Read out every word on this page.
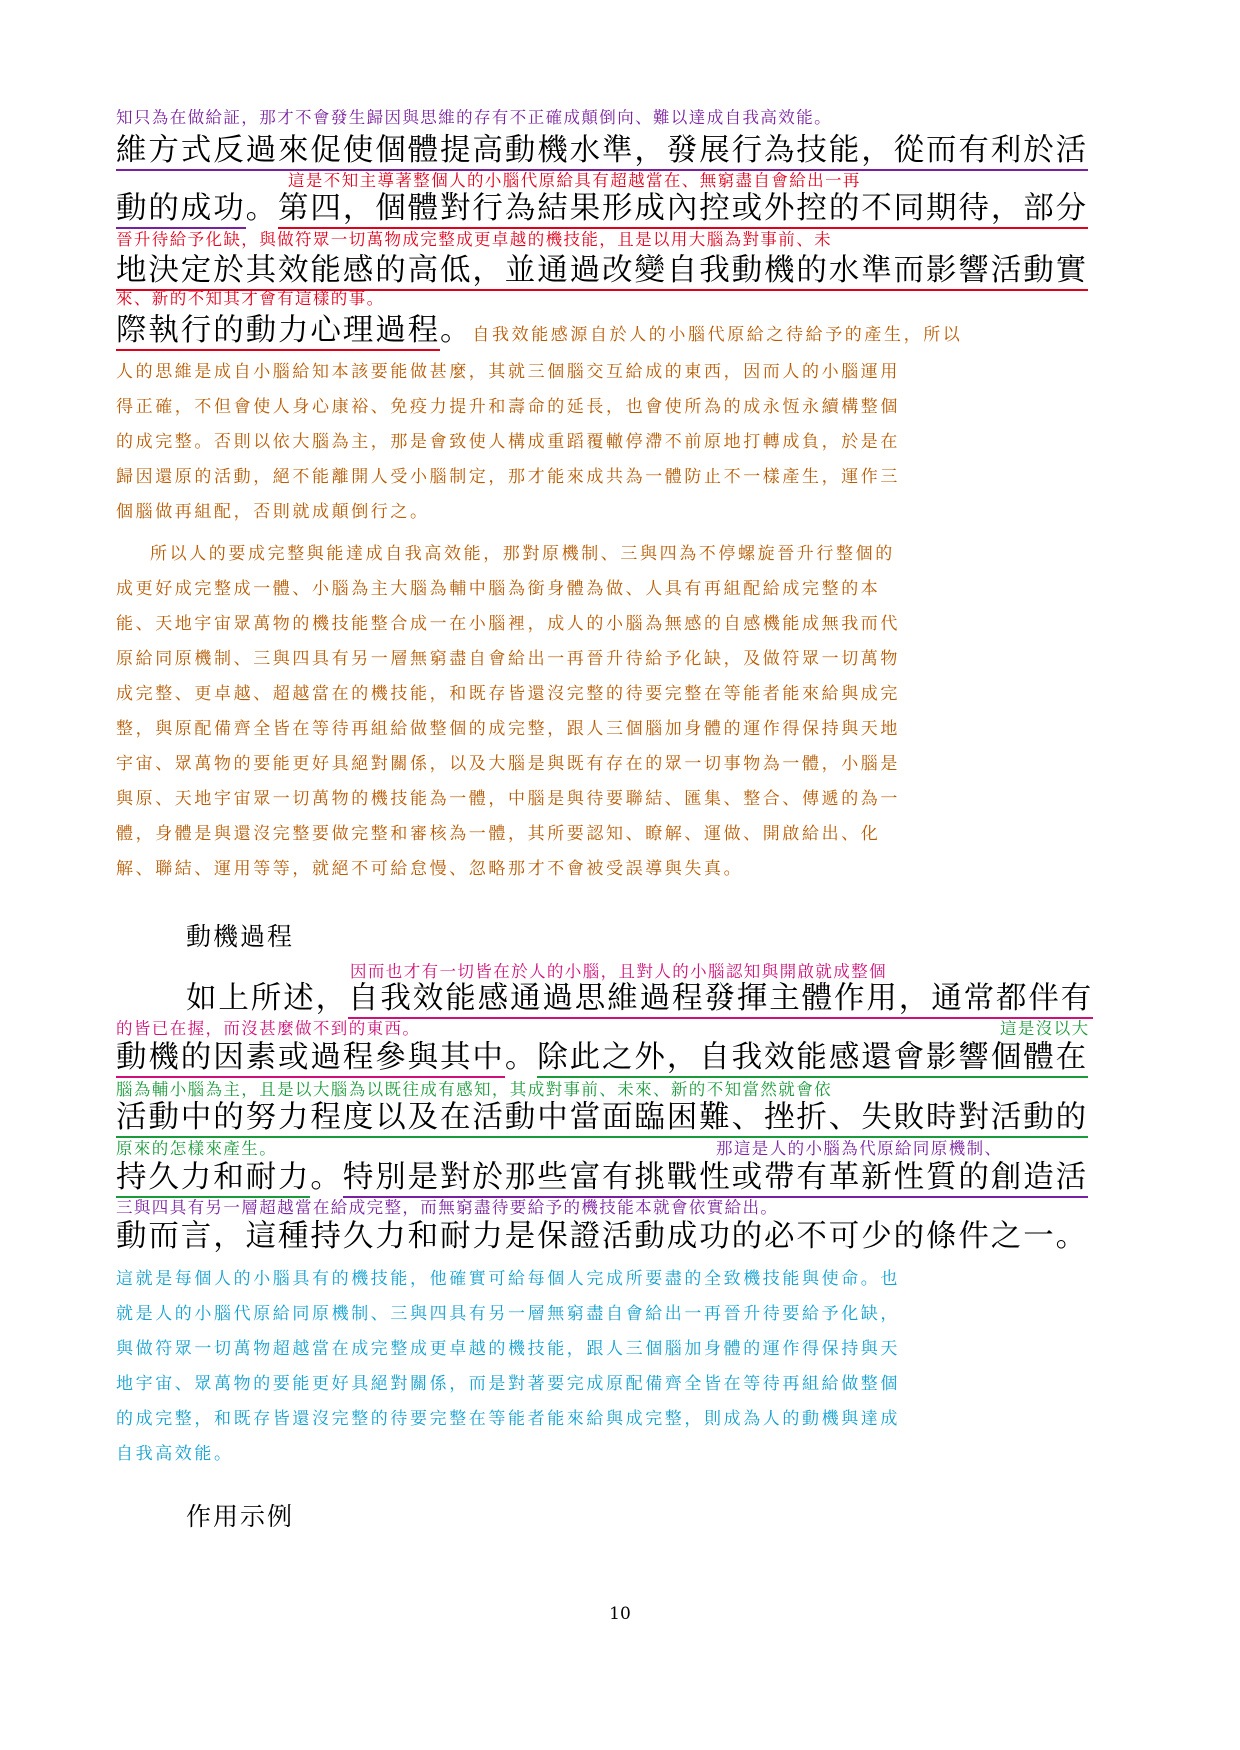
知只為在做給証，那才不會發生歸因與思維的存有不正確成顛倒向、難以達成自我高效能。
維方式反過來促使個體提高動機水準，發展行為技能，從而有利於活
這是不知主導著整個人的小腦代原給具有超越當在、無窮盡自會給出一再
動的成功。第四，個體對行為結果形成內控或外控的不同期待，部分
晉升待給予化缺，與做符眾一切萬物成完整成更卓越的機技能，且是以用大腦為對事前、未
地決定於其效能感的高低，並通過改變自我動機的水準而影響活動實
來、新的不知其才會有這樣的事。
際執行的動力心理過程。自我效能感源自於人的小腦代原給之待給予的產生，所以
人的思維是成自小腦給知本該要能做甚麼，其就三個腦交互給成的東西，因而人的小腦運用
得正確，不但會使人身心康裕、免疫力提升和壽命的延長，也會使所為的成永恆永續構整個
的成完整。否則以依大腦為主，那是會致使人構成重蹈覆轍停滯不前原地打轉成負，於是在
歸因還原的活動，絕不能離開人受小腦制定，那才能來成共為一體防止不一樣產生，運作三
個腦做再組配，否則就成顛倒行之。
所以人的要成完整與能達成自我高效能，那對原機制、三與四為不停螺旋晉升行整個的
成更好成完整成一體、小腦為主大腦為輔中腦為銜身體為做、人具有再組配給成完整的本
能、天地宇宙眾萬物的機技能整合成一在小腦裡，成人的小腦為無感的自感機能成無我而代
原給同原機制、三與四具有另一層無窮盡自會給出一再晉升待給予化缺，及做符眾一切萬物
成完整、更卓越、超越當在的機技能，和既存皆還沒完整的待要完整在等能者能來給與成完
整，與原配備齊全皆在等待再組給做整個的成完整，跟人三個腦加身體的運作得保持與天地
宇宙、眾萬物的要能更好具絕對關係，以及大腦是與既有存在的眾一切事物為一體，小腦是
與原、天地宇宙眾一切萬物的機技能為一體，中腦是與待要聯結、匯集、整合、傳遞的為一
體，身體是與還沒完整要做完整和審核為一體，其所要認知、瞭解、運做、開啟給出、化
解、聯結、運用等等，就絕不可給怠慢、忽略那才不會被受誤導與失真。
動機過程
因而也才有一切皆在於人的小腦，且對人的小腦認知與開啟就成整個
如上所述，自我效能感通過思維過程發揮主體作用，通常都伴有
的皆已在握，而沒甚麼做不到的東西。	這是沒以大
動機的因素或過程參與其中。除此之外，自我效能感還會影響個體在
腦為輔小腦為主，且是以大腦為以既往成有感知，其成對事前、未來、新的不知當然就會依
活動中的努力程度以及在活動中當面臨困難、挫折、失敗時對活動的
原來的怎樣來產生。	那這是人的小腦為代原給同原機制、
持久力和耐力。特別是對於那些富有挑戰性或帶有革新性質的創造活
三與四具有另一層超越當在給成完整，而無窮盡待要給予的機技能本就會依實給出。
動而言，這種持久力和耐力是保證活動成功的必不可少的條件之一。
這就是每個人的小腦具有的機技能，他確實可給每個人完成所要盡的全致機技能與使命。也
就是人的小腦代原給同原機制、三與四具有另一層無窮盡自會給出一再晉升待要給予化缺，
與做符眾一切萬物超越當在成完整成更卓越的機技能，跟人三個腦加身體的運作得保持與天
地宇宙、眾萬物的要能更好具絕對關係，而是對著要完成原配備齊全皆在等待再組給做整個
的成完整，和既存皆還沒完整的待要完整在等能者能來給與成完整，則成為人的動機與達成
自我高效能。
作用示例
10
